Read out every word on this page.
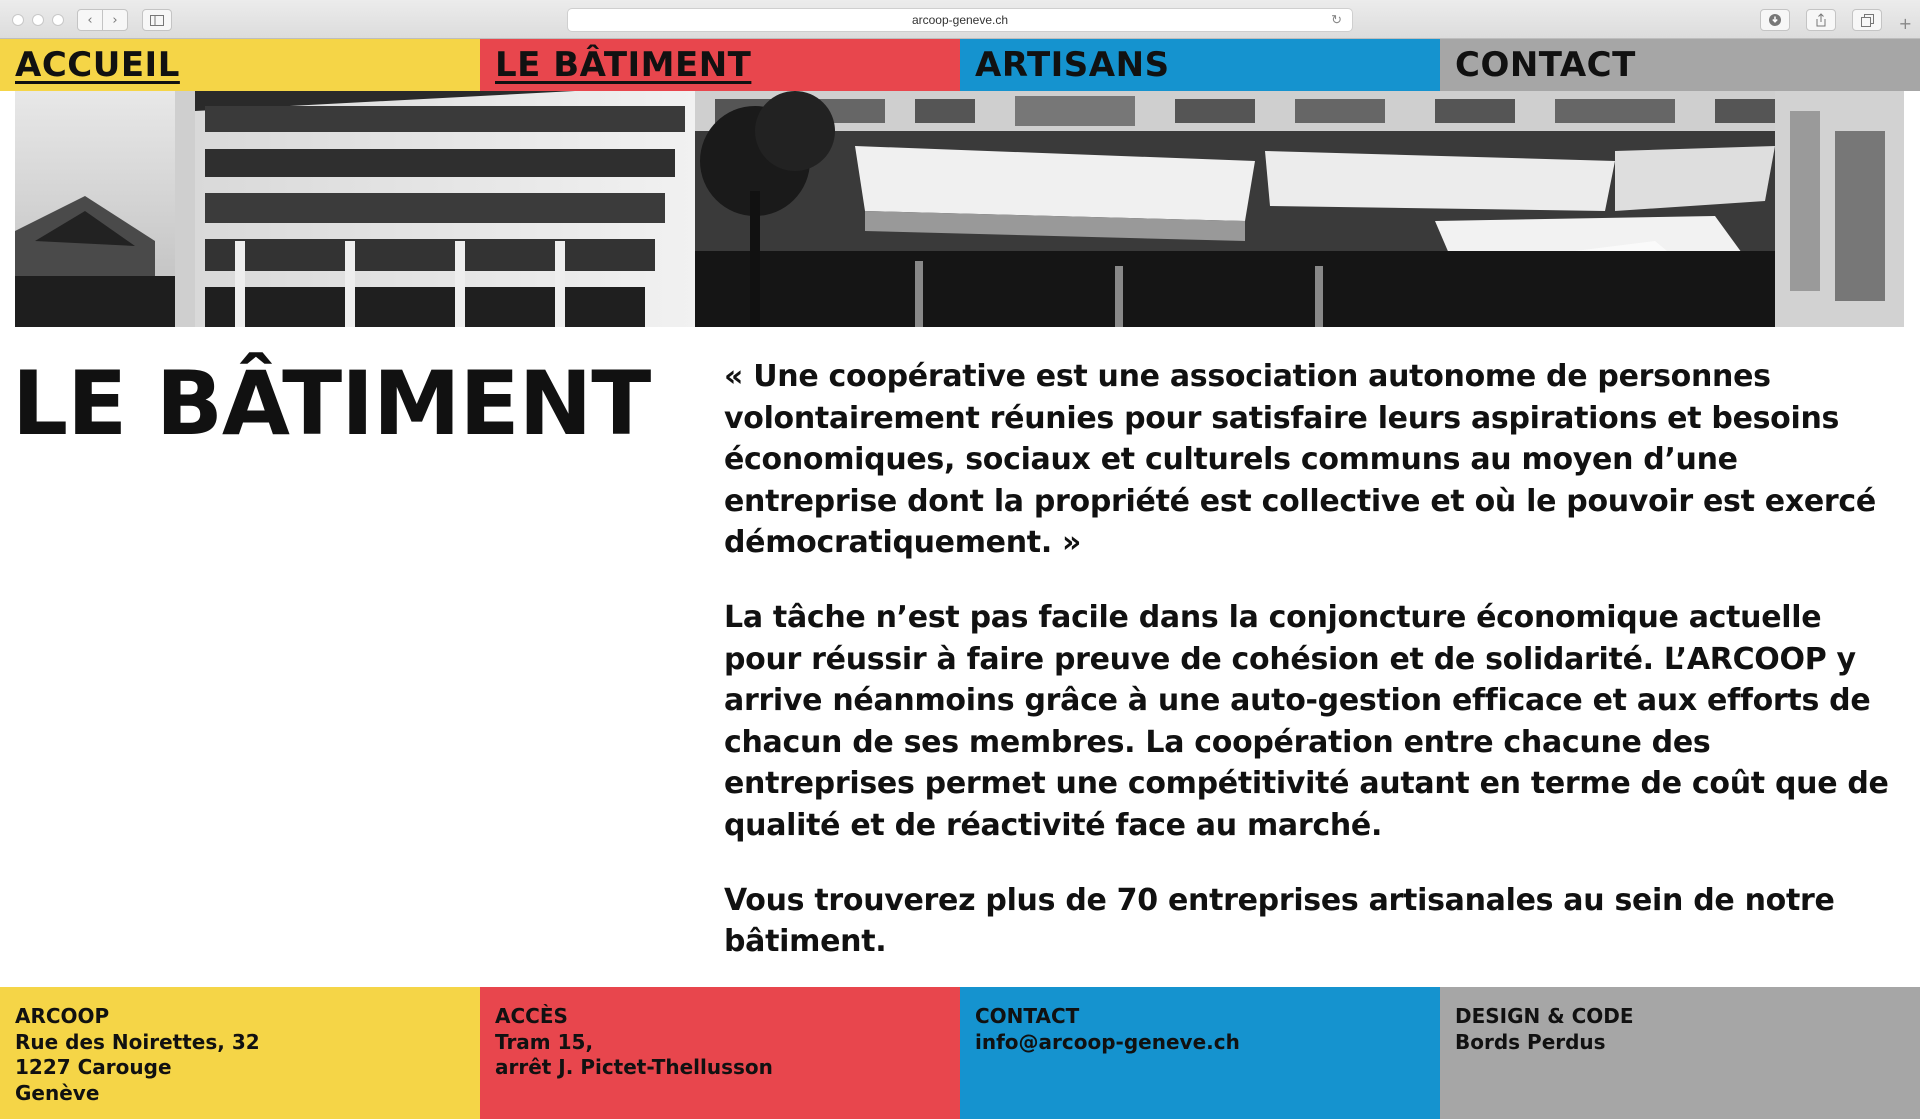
‹	›	arcoop-geneve.ch	↻	+
ACCUEIL	LE BÂTIMENT	ARTISANS	CONTACT
LE BÂTIMENT « Une coopérative est une association autonome de personnes volontairement réunies pour satisfaire leurs aspirations et besoins économiques, sociaux et culturels communs au moyen d’une entreprise dont la propriété est collective et où le pouvoir est exercé démocratiquement. »

La tâche n’est pas facile dans la conjoncture économique actuelle pour réussir à faire preuve de cohésion et de solidarité. L’ARCOOP y arrive néanmoins grâce à une auto-gestion efficace et aux efforts de chacun de ses membres. La coopération entre chacune des entreprises permet une compétitivité autant en terme de coût que de qualité et de réactivité face au marché.

Vous trouverez plus de 70 entreprises artisanales au sein de notre bâtiment.

ARCOOP
Rue des Noirettes, 32
1227 Carouge
Genève
ACCÈS
Tram 15,
arrêt J. Pictet-Thellusson
CONTACT
info@arcoop-geneve.ch
DESIGN & CODE
Bords Perdus
